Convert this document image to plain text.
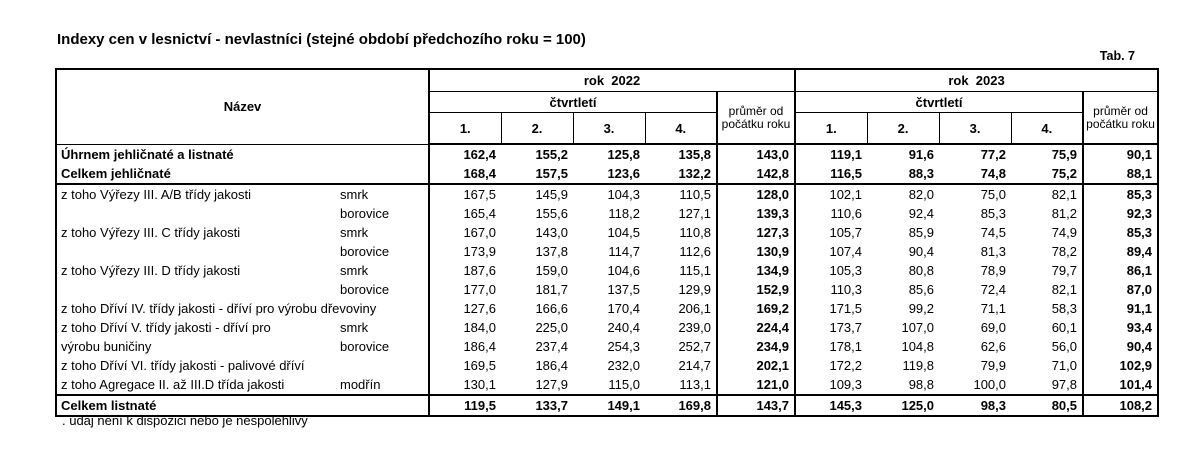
Indexy cen v lesnictví - nevlastníci (stejné období předchozího roku = 100)
Tab. 7
Název	rok  2022					rok  2023				
	čtvrtletí				průměr od počátku roku	čtvrtletí				průměr od počátku roku
	1.	2.	3.	4.		1.	2.	3.	4.	
Úhrnem jehličnaté a listnaté	162,4	155,2	125,8	135,8	143,0	119,1	91,6	77,2	75,9	90,1
Celkem jehličnaté	168,4	157,5	123,6	132,2	142,8	116,5	88,3	74,8	75,2	88,1
z toho Výřezy III. A/B třídy jakosti smrk	167,5	145,9	104,3	110,5	128,0	102,1	82,0	75,0	82,1	85,3
borovice	165,4	155,6	118,2	127,1	139,3	110,6	92,4	85,3	81,2	92,3
z toho Výřezy III. C třídy jakosti smrk	167,0	143,0	104,5	110,8	127,3	105,7	85,9	74,5	74,9	85,3
borovice	173,9	137,8	114,7	112,6	130,9	107,4	90,4	81,3	78,2	89,4
z toho Výřezy III. D třídy jakosti smrk	187,6	159,0	104,6	115,1	134,9	105,3	80,8	78,9	79,7	86,1
borovice	177,0	181,7	137,5	129,9	152,9	110,3	85,6	72,4	82,1	87,0
z toho Dříví IV. třídy jakosti - dříví pro výrobu dřevoviny	127,6	166,6	170,4	206,1	169,2	171,5	99,2	71,1	58,3	91,1
z toho Dříví V. třídy jakosti - dříví pro smrk	184,0	225,0	240,4	239,0	224,4	173,7	107,0	69,0	60,1	93,4
výrobu buničiny borovice	186,4	237,4	254,3	252,7	234,9	178,1	104,8	62,6	56,0	90,4
z toho Dříví VI. třídy jakosti - palivové dříví	169,5	186,4	232,0	214,7	202,1	172,2	119,8	79,9	71,0	102,9
z toho Agregace II. až III.D třída jakosti modřín	130,1	127,9	115,0	113,1	121,0	109,3	98,8	100,0	97,8	101,4
Celkem listnaté	119,5	133,7	149,1	169,8	143,7	145,3	125,0	98,3	80,5	108,2
. údaj není k dispozici nebo je nespolehlivý
